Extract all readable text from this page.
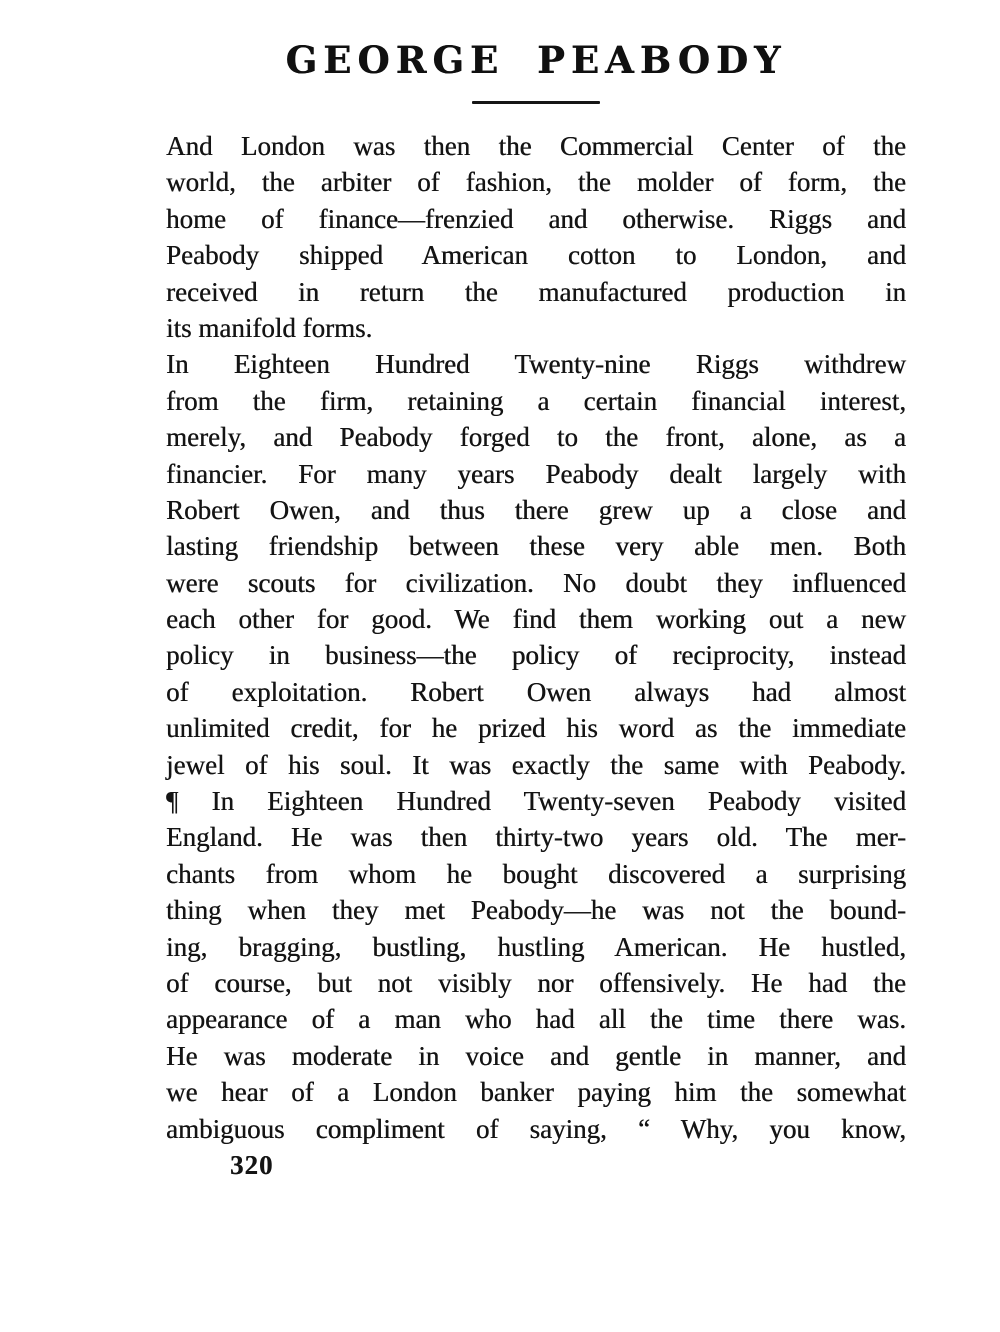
GEORGE PEABODY
And London was then the Commercial Center of the
world, the arbiter of fashion, the molder of form, the
home of finance—frenzied and otherwise. Riggs and
Peabody shipped American cotton to London, and
received in return the manufactured production in
its manifold forms.
In Eighteen Hundred Twenty-nine Riggs withdrew
from the firm, retaining a certain financial interest,
merely, and Peabody forged to the front, alone, as a
financier. For many years Peabody dealt largely with
Robert Owen, and thus there grew up a close and
lasting friendship between these very able men. Both
were scouts for civilization. No doubt they influenced
each other for good. We find them working out a new
policy in business—the policy of reciprocity, instead
of exploitation. Robert Owen always had almost
unlimited credit, for he prized his word as the immediate
jewel of his soul. It was exactly the same with Peabody.
¶ In Eighteen Hundred Twenty-seven Peabody visited
England. He was then thirty-two years old. The mer-
chants from whom he bought discovered a surprising
thing when they met Peabody—he was not the bound-
ing, bragging, bustling, hustling American. He hustled,
of course, but not visibly nor offensively. He had the
appearance of a man who had all the time there was.
He was moderate in voice and gentle in manner, and
we hear of a London banker paying him the somewhat
ambiguous compliment of saying, “ Why, you know,
320
